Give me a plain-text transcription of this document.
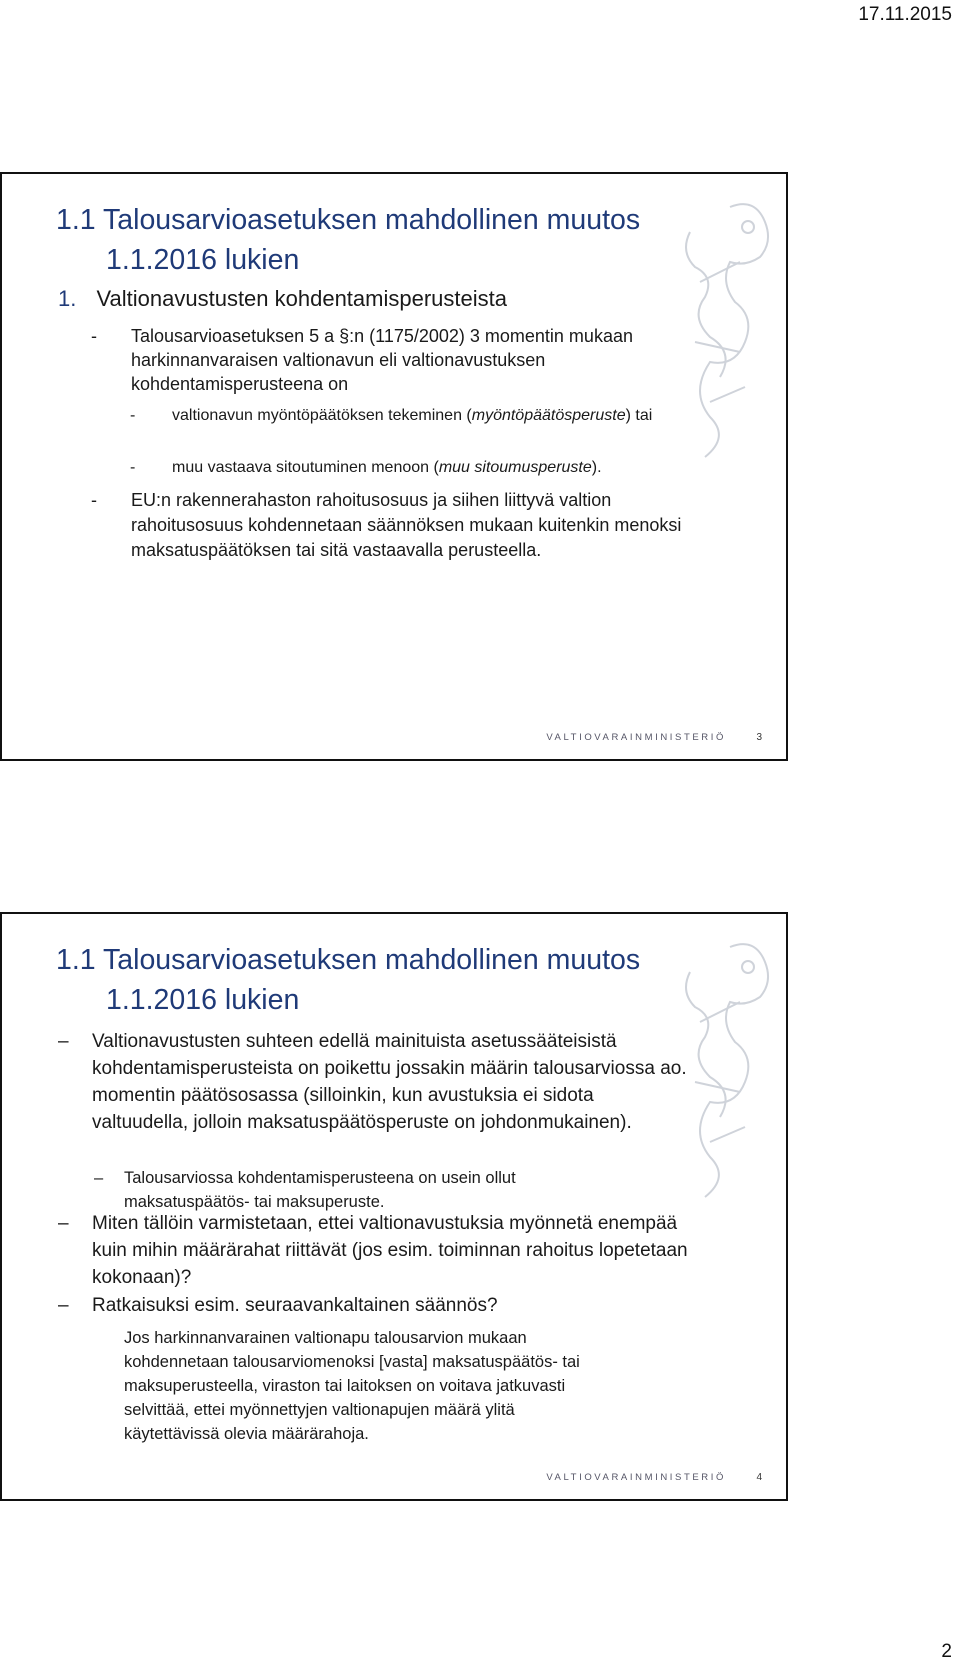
17.11.2015
1.1 Talousarvioasetuksen mahdollinen muutos
1.1.2016 lukien
1. Valtionavustusten kohdentamisperusteista
- Talousarvioasetuksen 5 a §:n (1175/2002) 3 momentin mukaan harkinnanvaraisen valtionavun eli valtionavustuksen kohdentamisperusteena on
- valtionavun myöntöpäätöksen tekeminen (myöntöpäätösperuste) tai
- muu vastaava sitoutuminen menoon (muu sitoumusperuste).
- EU:n rakennerahaston rahoitusosuus ja siihen liittyvä valtion rahoitusosuus kohdennetaan säännöksen mukaan kuitenkin menoksi maksatuspäätöksen tai sitä vastaavalla perusteella.
VALTIOVARAINMINISTERIÖ	3
1.1 Talousarvioasetuksen mahdollinen muutos
1.1.2016 lukien
– Valtionavustusten suhteen edellä mainituista asetussääteisistä kohdentamisperusteista on poikettu jossakin määrin talousarviossa ao. momentin päätösosassa (silloinkin, kun avustuksia ei sidota valtuudella, jolloin maksatuspäätösperuste on johdonmukainen).
– Talousarviossa kohdentamisperusteena on usein ollut maksatuspäätös- tai maksuperuste.
– Miten tällöin varmistetaan, ettei valtionavustuksia myönnetä enempää kuin mihin määrärahat riittävät (jos esim. toiminnan rahoitus lopetetaan kokonaan)?
– Ratkaisuksi esim. seuraavankaltainen säännös?
Jos harkinnanvarainen valtionapu talousarvion mukaan kohdennetaan talousarviomenoksi [vasta] maksatuspäätös- tai maksuperusteella, viraston tai laitoksen on voitava jatkuvasti selvittää, ettei myönnettyjen valtionapujen määrä ylitä käytettävissä olevia määrärahoja.
VALTIOVARAINMINISTERIÖ	4
2
